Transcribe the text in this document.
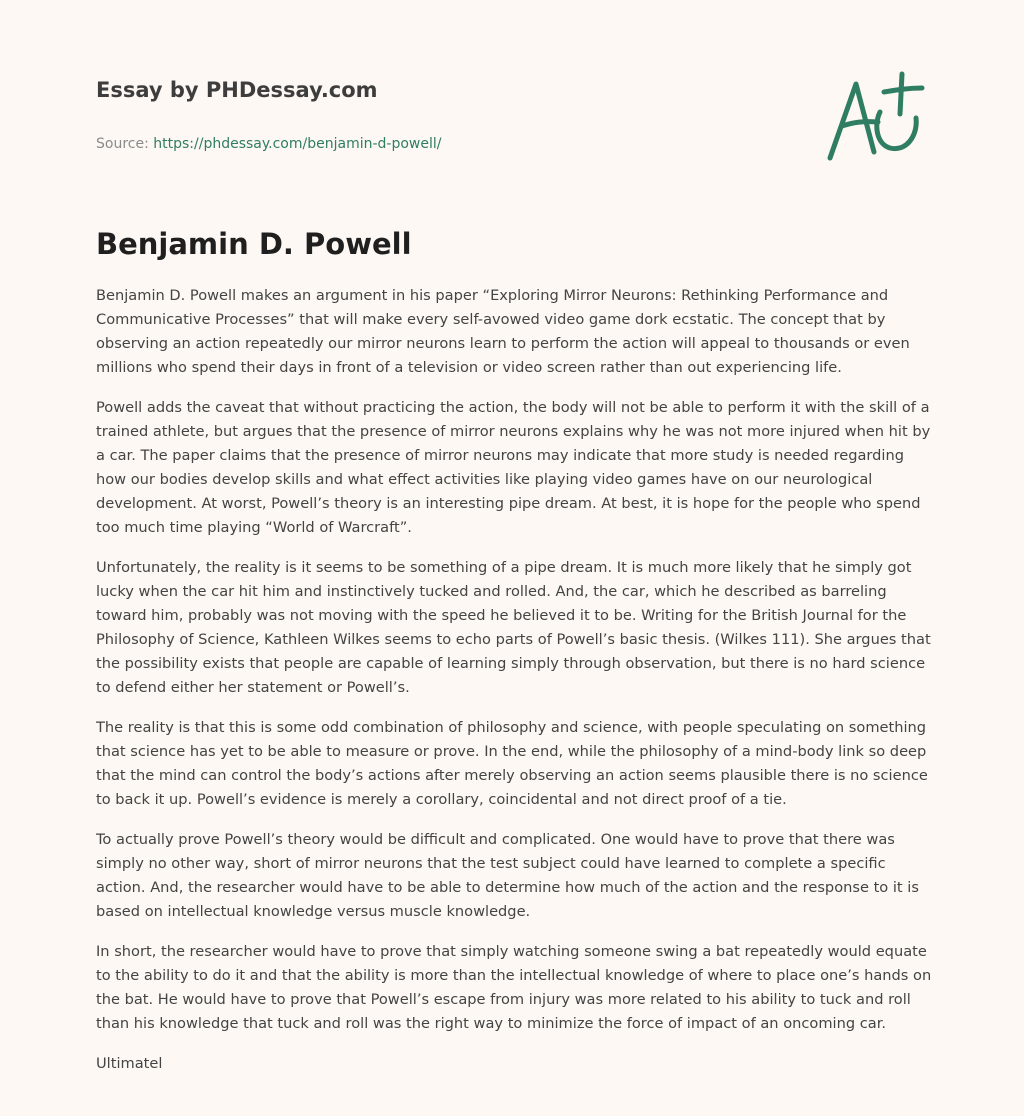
Essay by PHDessay.com
Source: https://phdessay.com/benjamin-d-powell/
Benjamin D. Powell

Benjamin D. Powell makes an argument in his paper “Exploring Mirror Neurons: Rethinking Performance and Communicative Processes” that will make every self-avowed video game dork ecstatic. The concept that by observing an action repeatedly our mirror neurons learn to perform the action will appeal to thousands or even millions who spend their days in front of a television or video screen rather than out experiencing life.

Powell adds the caveat that without practicing the action, the body will not be able to perform it with the skill of a trained athlete, but argues that the presence of mirror neurons explains why he was not more injured when hit by a car. The paper claims that the presence of mirror neurons may indicate that more study is needed regarding how our bodies develop skills and what effect activities like playing video games have on our neurological development. At worst, Powell’s theory is an interesting pipe dream. At best, it is hope for the people who spend too much time playing “World of Warcraft”.

Unfortunately, the reality is it seems to be something of a pipe dream. It is much more likely that he simply got lucky when the car hit him and instinctively tucked and rolled. And, the car, which he described as barreling toward him, probably was not moving with the speed he believed it to be. Writing for the British Journal for the Philosophy of Science, Kathleen Wilkes seems to echo parts of Powell’s basic thesis. (Wilkes 111). She argues that the possibility exists that people are capable of learning simply through observation, but there is no hard science to defend either her statement or Powell’s.

The reality is that this is some odd combination of philosophy and science, with people speculating on something that science has yet to be able to measure or prove. In the end, while the philosophy of a mind-body link so deep that the mind can control the body’s actions after merely observing an action seems plausible there is no science to back it up. Powell’s evidence is merely a corollary, coincidental and not direct proof of a tie.

To actually prove Powell’s theory would be difficult and complicated. One would have to prove that there was simply no other way, short of mirror neurons that the test subject could have learned to complete a specific action. And, the researcher would have to be able to determine how much of the action and the response to it is based on intellectual knowledge versus muscle knowledge.

In short, the researcher would have to prove that simply watching someone swing a bat repeatedly would equate to the ability to do it and that the ability is more than the intellectual knowledge of where to place one’s hands on the bat. He would have to prove that Powell’s escape from injury was more related to his ability to tuck and roll than his knowledge that tuck and roll was the right way to minimize the force of impact of an oncoming car.

Ultimatel
